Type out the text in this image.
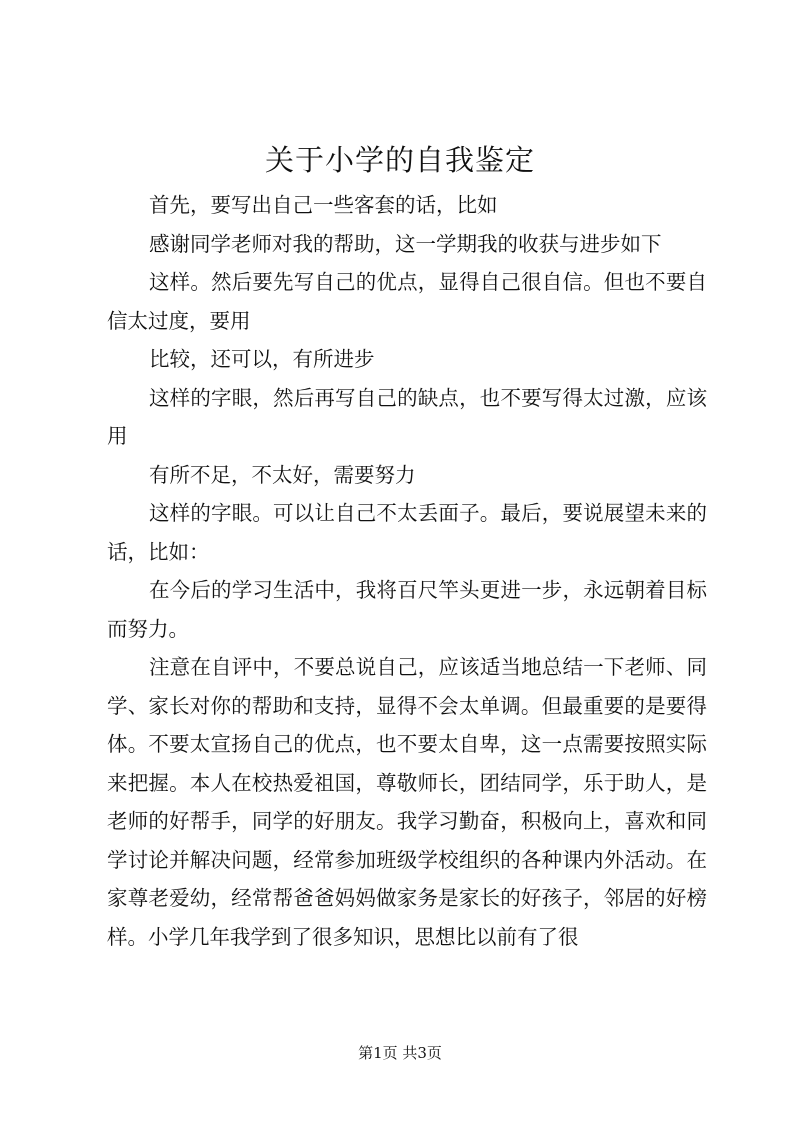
关于小学的自我鉴定

首先，要写出自己一些客套的话，比如

感谢同学老师对我的帮助，这一学期我的收获与进步如下

这样。然后要先写自己的优点，显得自己很自信。但也不要自信太过度，要用

比较，还可以，有所进步

这样的字眼，然后再写自己的缺点，也不要写得太过激，应该用

有所不足，不太好，需要努力

这样的字眼。可以让自己不太丢面子。最后，要说展望未来的话，比如：

在今后的学习生活中，我将百尺竿头更进一步，永远朝着目标而努力。

注意在自评中，不要总说自己，应该适当地总结一下老师、同学、家长对你的帮助和支持，显得不会太单调。但最重要的是要得体。不要太宣扬自己的优点，也不要太自卑，这一点需要按照实际来把握。本人在校热爱祖国，尊敬师长，团结同学，乐于助人，是老师的好帮手，同学的好朋友。我学习勤奋，积极向上，喜欢和同学讨论并解决问题，经常参加班级学校组织的各种课内外活动。在家尊老爱幼，经常帮爸爸妈妈做家务是家长的好孩子，邻居的好榜样。小学几年我学到了很多知识，思想比以前有了很

第1页 共3页
